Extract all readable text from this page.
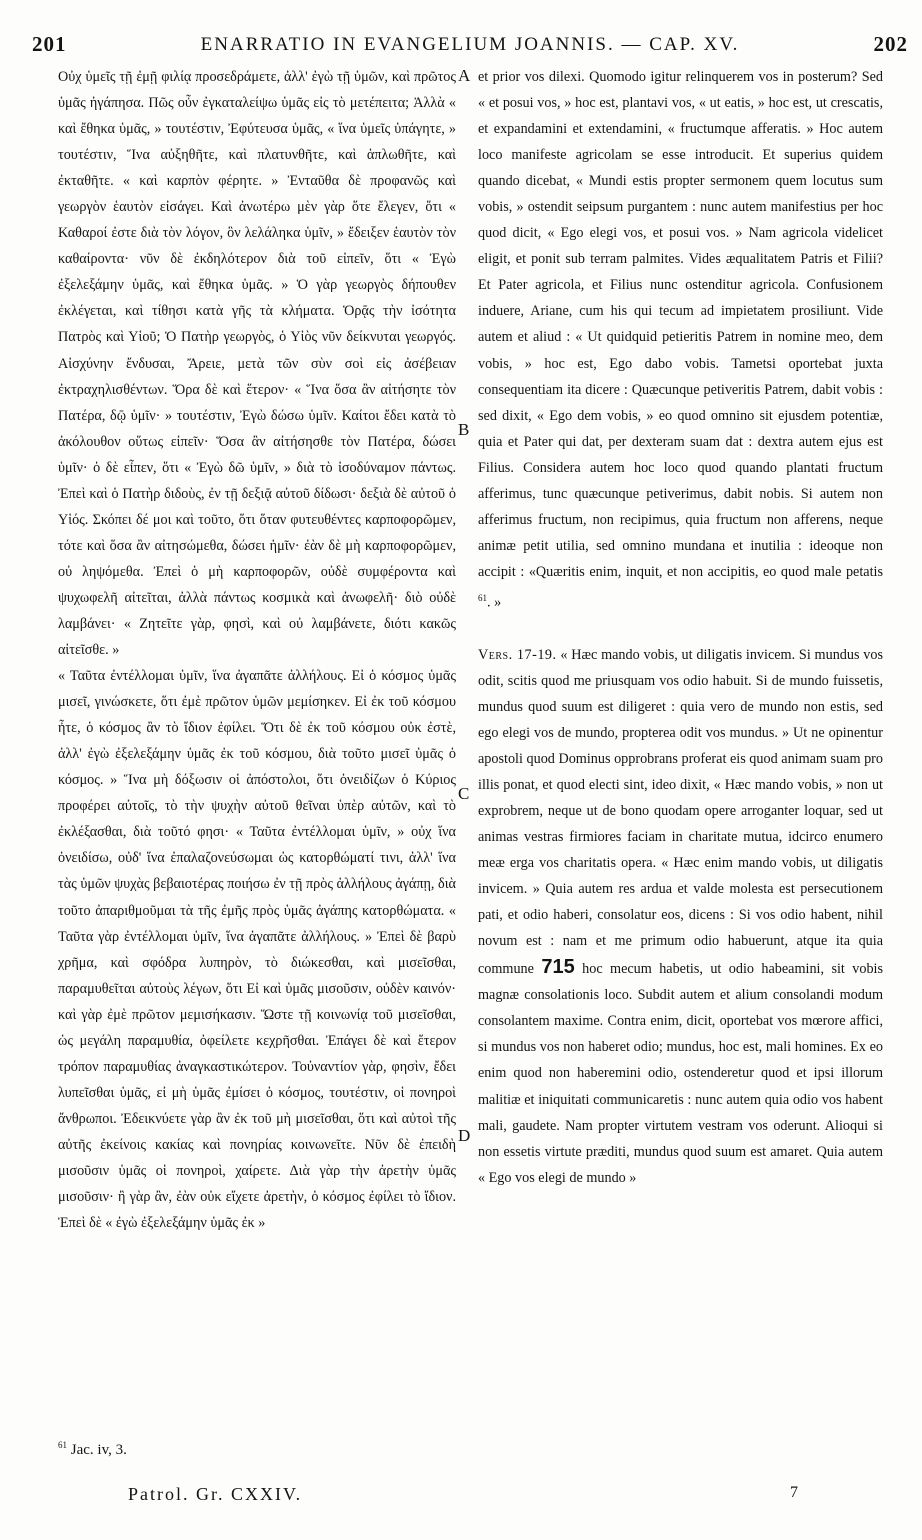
201	ENARRATIO IN EVANGELIUM JOANNIS. — CAP. XV.	202

Οὐχ ὑμεῖς τῇ ἐμῇ φιλίᾳ προσεδράμετε, ἀλλ' ἐγὼ τῇ ὑμῶν, καὶ πρῶτος ὑμᾶς ἠγάπησα. Πῶς οὖν ἐγκαταλείψω ὑμᾶς εἰς τὸ μετέπειτα; Ἀλλὰ « καὶ ἔθηκα ὑμᾶς, » τουτέστιν, Ἐφύτευσα ὑμᾶς, « ἵνα ὑμεῖς ὑπάγητε, » τουτέστιν, Ἵνα αὐξηθῆτε, καὶ πλατυνθῆτε, καὶ ἁπλωθῆτε, καὶ ἐκταθῆτε. « καὶ καρπὸν φέρητε. » Ἐνταῦθα δὲ προφανῶς καὶ γεωργὸν ἑαυτὸν εἰσάγει. Καὶ ἀνωτέρω μὲν γὰρ ὅτε ἔλεγεν, ὅτι « Καθαροί ἐστε διὰ τὸν λόγον, ὃν λελάληκα ὑμῖν, » ἔδειξεν ἑαυτὸν τὸν καθαίροντα· νῦν δὲ ἐκδηλότερον διὰ τοῦ εἰπεῖν, ὅτι « Ἐγὼ ἐξελεξάμην ὑμᾶς, καὶ ἔθηκα ὑμᾶς. » Ὁ γὰρ γεωργὸς δήπουθεν ἐκλέγεται, καὶ τίθησι κατὰ γῆς τὰ κλήματα. Ὁρᾷς τὴν ἰσότητα Πατρὸς καὶ Υἱοῦ; Ὁ Πατὴρ γεωργὸς, ὁ Υἱὸς νῦν δείκνυται γεωργός. Αἰσχύνην ἔνδυσαι, Ἄρειε, μετὰ τῶν σὺν σοὶ εἰς ἀσέβειαν ἐκτραχηλισθέντων. Ὅρα δὲ καὶ ἕτερον· « Ἵνα ὅσα ἂν αἰτήσητε τὸν Πατέρα, δῷ ὑμῖν· » τουτέστιν, Ἐγὼ δώσω ὑμῖν. Καίτοι ἔδει κατὰ τὸ ἀκόλουθον οὕτως εἰπεῖν· Ὅσα ἂν αἰτήσησθε τὸν Πατέρα, δώσει ὑμῖν· ὁ δὲ εἶπεν, ὅτι « Ἐγὼ δῶ ὑμῖν, » διὰ τὸ ἰσοδύναμον πάντως. Ἐπεὶ καὶ ὁ Πατὴρ διδοὺς, ἐν τῇ δεξιᾷ αὐτοῦ δίδωσι· δεξιὰ δὲ αὐτοῦ ὁ Υἱός. Σκόπει δέ μοι καὶ τοῦτο, ὅτι ὅταν φυτευθέντες καρποφορῶμεν, τότε καὶ ὅσα ἂν αἰτησώμεθα, δώσει ἡμῖν· ἐὰν δὲ μὴ καρποφορῶμεν, οὐ ληψόμεθα. Ἐπεὶ ὁ μὴ καρποφορῶν, οὐδὲ συμφέροντα καὶ ψυχωφελῆ αἰτεῖται, ἀλλὰ πάντως κοσμικὰ καὶ ἀνωφελῆ· διὸ οὐδὲ λαμβάνει· « Ζητεῖτε γὰρ, φησὶ, καὶ οὐ λαμβάνετε, διότι κακῶς αἰτεῖσθε. »

« Ταῦτα ἐντέλλομαι ὑμῖν, ἵνα ἀγαπᾶτε ἀλλήλους. Εἰ ὁ κόσμος ὑμᾶς μισεῖ, γινώσκετε, ὅτι ἐμὲ πρῶτον ὑμῶν μεμίσηκεν. Εἰ ἐκ τοῦ κόσμου ἦτε, ὁ κόσμος ἂν τὸ ἴδιον ἐφίλει. Ὅτι δὲ ἐκ τοῦ κόσμου οὐκ ἐστὲ, ἀλλ' ἐγὼ ἐξελεξάμην ὑμᾶς ἐκ τοῦ κόσμου, διὰ τοῦτο μισεῖ ὑμᾶς ὁ κόσμος. » Ἵνα μὴ δόξωσιν οἱ ἀπόστολοι, ὅτι ὀνειδίζων ὁ Κύριος προφέρει αὐτοῖς, τὸ τὴν ψυχὴν αὐτοῦ θεῖναι ὑπὲρ αὐτῶν, καὶ τὸ ἐκλέξασθαι, διὰ τοῦτό φησι· « Ταῦτα ἐντέλλομαι ὑμῖν, » οὐχ ἵνα ὀνειδίσω, οὐδ' ἵνα ἐπαλαζονεύσωμαι ὡς κατορθώματί τινι, ἀλλ' ἵνα τὰς ὑμῶν ψυχὰς βεβαιοτέρας ποιήσω ἐν τῇ πρὸς ἀλλήλους ἀγάπῃ, διὰ τοῦτο ἀπαριθμοῦμαι τὰ τῆς ἐμῆς πρὸς ὑμᾶς ἀγάπης κατορθώματα. « Ταῦτα γὰρ ἐντέλλομαι ὑμῖν, ἵνα ἀγαπᾶτε ἀλλήλους. » Ἐπεὶ δὲ βαρὺ χρῆμα, καὶ σφόδρα λυπηρὸν, τὸ διώκεσθαι, καὶ μισεῖσθαι, παραμυθεῖται αὐτοὺς λέγων, ὅτι Εἰ καὶ ὑμᾶς μισοῦσιν, οὐδὲν καινόν· καὶ γὰρ ἐμὲ πρῶτον μεμισήκασιν. Ὥστε τῇ κοινωνίᾳ τοῦ μισεῖσθαι, ὡς μεγάλη παραμυθία, ὀφείλετε κεχρῆσθαι. Ἐπάγει δὲ καὶ ἕτερον τρόπον παραμυθίας ἀναγκαστικώτερον. Τοὐναντίον γὰρ, φησὶν, ἔδει λυπεῖσθαι ὑμᾶς, εἰ μὴ ὑμᾶς ἐμίσει ὁ κόσμος, τουτέστιν, οἱ πονηροὶ ἄνθρωποι. Ἐδεικνύετε γὰρ ἂν ἐκ τοῦ μὴ μισεῖσθαι, ὅτι καὶ αὐτοὶ τῆς αὐτῆς ἐκείνοις κακίας καὶ πονηρίας κοινωνεῖτε. Νῦν δὲ ἐπειδὴ μισοῦσιν ὑμᾶς οἱ πονηροὶ, χαίρετε. Διὰ γὰρ τὴν ἀρετὴν ὑμᾶς μισοῦσιν· ἢ γὰρ ἂν, ἐὰν οὐκ εἴχετε ἀρετὴν, ὁ κόσμος ἐφίλει τὸ ἴδιον. Ἐπεὶ δὲ « ἐγὼ ἐξελεξάμην ὑμᾶς ἐκ »

A
B
C
D

et prior vos dilexi. Quomodo igitur relinquerem vos in posterum? Sed « et posui vos, » hoc est, plantavi vos, « ut eatis, » hoc est, ut crescatis, et expandamini et extendamini, « fructumque afferatis. » Hoc autem loco manifeste agricolam se esse introducit. Et superius quidem quando dicebat, « Mundi estis propter sermonem quem locutus sum vobis, » ostendit seipsum purgantem : nunc autem manifestius per hoc quod dicit, « Ego elegi vos, et posui vos. » Nam agricola videlicet eligit, et ponit sub terram palmites. Vides æqualitatem Patris et Filii? Et Pater agricola, et Filius nunc ostenditur agricola. Confusionem induere, Ariane, cum his qui tecum ad impietatem prosiliunt. Vide autem et aliud : « Ut quidquid petieritis Patrem in nomine meo, dem vobis, » hoc est, Ego dabo vobis. Tametsi oportebat juxta consequentiam ita dicere : Quæcunque petiveritis Patrem, dabit vobis : sed dixit, « Ego dem vobis, » eo quod omnino sit ejusdem potentiæ, quia et Pater qui dat, per dexteram suam dat : dextra autem ejus est Filius. Considera autem hoc loco quod quando plantati fructum afferimus, tunc quæcunque petiverimus, dabit nobis. Si autem non afferimus fructum, non recipimus, quia fructum non afferens, neque animæ petit utilia, sed omnino mundana et inutilia : ideoque non accipit : «Quæritis enim, inquit, et non accipitis, eo quod male petatis $^{61}$. »

Vers. 17-19. « Hæc mando vobis, ut diligatis invicem. Si mundus vos odit, scitis quod me priusquam vos odio habuit. Si de mundo fuissetis, mundus quod suum est diligeret : quia vero de mundo non estis, sed ego elegi vos de mundo, propterea odit vos mundus. » Ut ne opinentur apostoli quod Dominus opprobrans proferat eis quod animam suam pro illis ponat, et quod electi sint, ideo dixit, « Hæc mando vobis, » non ut exprobrem, neque ut de bono quodam opere arroganter loquar, sed ut animas vestras firmiores faciam in charitate mutua, idcirco enumero meæ erga vos charitatis opera. « Hæc enim mando vobis, ut diligatis invicem. » Quia autem res ardua et valde molesta est persecutionem pati, et odio haberi, consolatur eos, dicens : Si vos odio habent, nihil novum est : nam et me primum odio habuerunt, atque ita quia commune 715 hoc mecum habetis, ut odio habeamini, sit vobis magnæ consolationis loco. Subdit autem et alium consolandi modum consolantem maxime. Contra enim, dicit, oportebat vos mœrore affici, si mundus vos non haberet odio; mundus, hoc est, mali homines. Ex eo enim quod non haberemini odio, ostenderetur quod et ipsi illorum malitiæ et iniquitati communicaretis : nunc autem quia odio vos habent mali, gaudete. Nam propter virtutem vestram vos oderunt. Alioqui si non essetis virtute præditi, mundus quod suum est amaret. Quia autem « Ego vos elegi de mundo »

$^{61}$ Jac. iv, 3.
Patrol. Gr. CXXIV.	7
